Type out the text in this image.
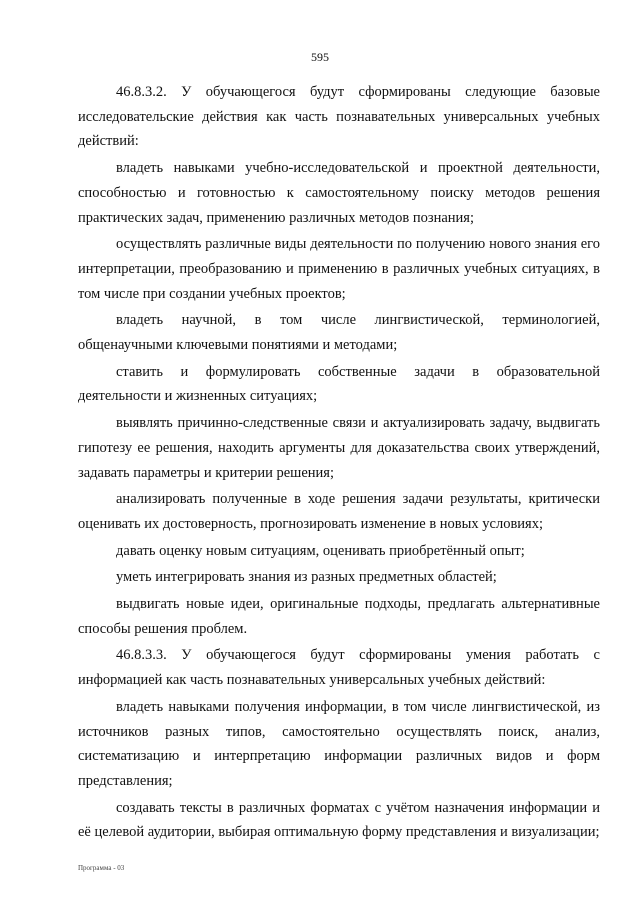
595

46.8.3.2. У обучающегося будут сформированы следующие базовые исследовательские действия как часть познавательных универсальных учебных действий:

владеть навыками учебно-исследовательской и проектной деятельности, способностью и готовностью к самостоятельному поиску методов решения практических задач, применению различных методов познания;

осуществлять различные виды деятельности по получению нового знания его интерпретации, преобразованию и применению в различных учебных ситуациях, в том числе при создании учебных проектов;

владеть научной, в том числе лингвистической, терминологией, общенаучными ключевыми понятиями и методами;

ставить и формулировать собственные задачи в образовательной деятельности и жизненных ситуациях;

выявлять причинно-следственные связи и актуализировать задачу, выдвигать гипотезу ее решения, находить аргументы для доказательства своих утверждений, задавать параметры и критерии решения;

анализировать полученные в ходе решения задачи результаты, критически оценивать их достоверность, прогнозировать изменение в новых условиях;

давать оценку новым ситуациям, оценивать приобретённый опыт;

уметь интегрировать знания из разных предметных областей;

выдвигать новые идеи, оригинальные подходы, предлагать альтернативные способы решения проблем.

46.8.3.3. У обучающегося будут сформированы умения работать с информацией как часть познавательных универсальных учебных действий:

владеть навыками получения информации, в том числе лингвистической, из источников разных типов, самостоятельно осуществлять поиск, анализ, систематизацию и интерпретацию информации различных видов и форм представления;

создавать тексты в различных форматах с учётом назначения информации и её целевой аудитории, выбирая оптимальную форму представления и визуализации;

Программа - 03
